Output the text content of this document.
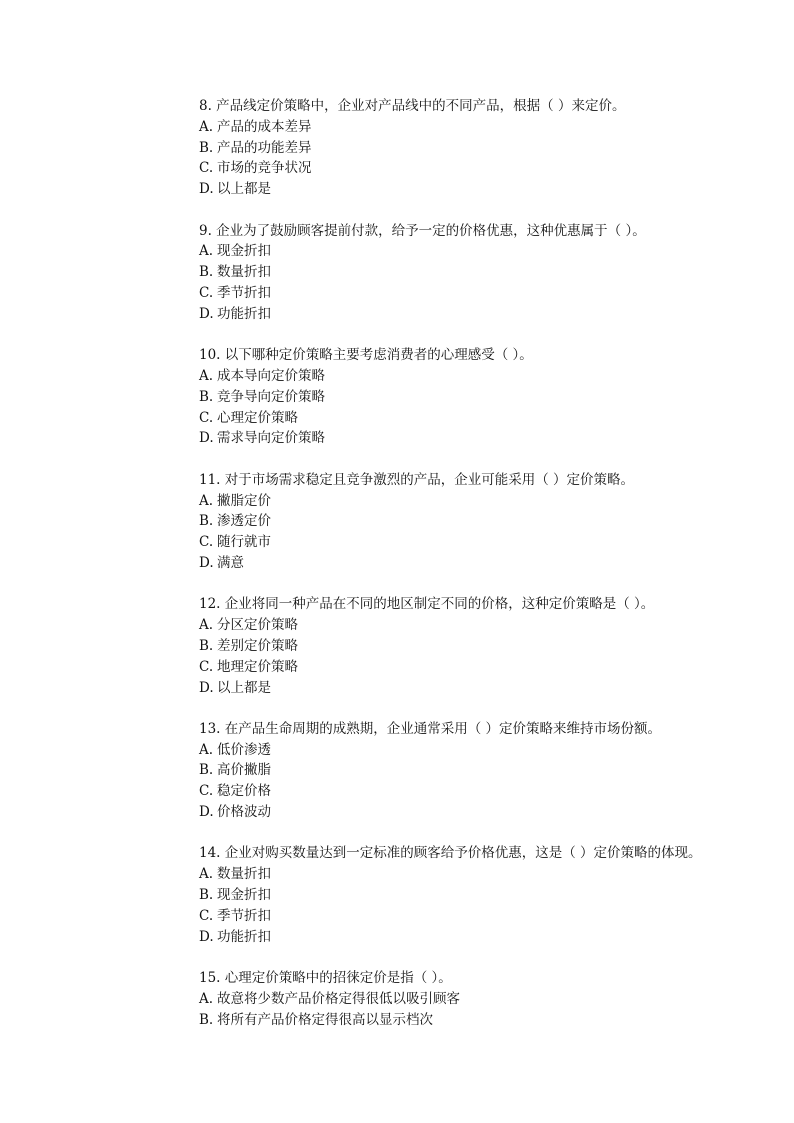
8. 产品线定价策略中，企业对产品线中的不同产品，根据（ ）来定价。
A. 产品的成本差异
B. 产品的功能差异
C. 市场的竞争状况
D. 以上都是
9. 企业为了鼓励顾客提前付款，给予一定的价格优惠，这种优惠属于（ ）。
A. 现金折扣
B. 数量折扣
C. 季节折扣
D. 功能折扣
10. 以下哪种定价策略主要考虑消费者的心理感受（ ）。
A. 成本导向定价策略
B. 竞争导向定价策略
C. 心理定价策略
D. 需求导向定价策略
11. 对于市场需求稳定且竞争激烈的产品，企业可能采用（ ）定价策略。
A. 撇脂定价
B. 渗透定价
C. 随行就市
D. 满意
12. 企业将同一种产品在不同的地区制定不同的价格，这种定价策略是（ ）。
A. 分区定价策略
B. 差别定价策略
C. 地理定价策略
D. 以上都是
13. 在产品生命周期的成熟期，企业通常采用（ ）定价策略来维持市场份额。
A. 低价渗透
B. 高价撇脂
C. 稳定价格
D. 价格波动
14. 企业对购买数量达到一定标准的顾客给予价格优惠，这是（ ）定价策略的体现。
A. 数量折扣
B. 现金折扣
C. 季节折扣
D. 功能折扣
15. 心理定价策略中的招徕定价是指（ ）。
A. 故意将少数产品价格定得很低以吸引顾客
B. 将所有产品价格定得很高以显示档次
